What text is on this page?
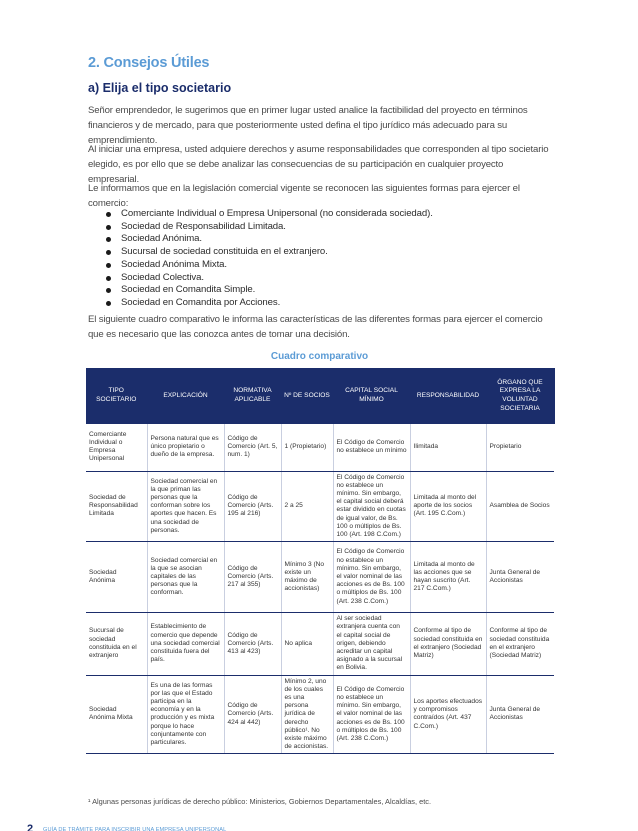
2. Consejos Útiles
a) Elija el tipo societario

Señor emprendedor, le sugerimos que en primer lugar usted analice la factibilidad del proyecto en términos financieros y de mercado, para que posteriormente usted defina el tipo jurídico más adecuado para su emprendimiento.

Al iniciar una empresa, usted adquiere derechos y asume responsabilidades que corresponden al tipo societario elegido, es por ello que se debe analizar las consecuencias de su participación en cualquier proyecto empresarial.

Le informamos que en la legislación comercial vigente se reconocen las siguientes formas para ejercer el comercio:

Comerciante Individual o Empresa Unipersonal (no considerada sociedad).
Sociedad de Responsabilidad Limitada.
Sociedad Anónima.
Sucursal de sociedad constituida en el extranjero.
Sociedad Anónima Mixta.
Sociedad Colectiva.
Sociedad en Comandita Simple.
Sociedad en Comandita por Acciones.

El siguiente cuadro comparativo le informa las características de las diferentes formas para ejercer el comercio que es necesario que las conozca antes de tomar una decisión.

Cuadro comparativo
TIPO SOCIETARIO	EXPLICACIÓN	NORMATIVA APLICABLE	Nº DE SOCIOS	CAPITAL SOCIAL MÍNIMO	RESPONSABILIDAD	ÓRGANO QUE EXPRESA LA VOLUNTAD SOCIETARIA
Comerciante Individual o Empresa Unipersonal	Persona natural que es único propietario o dueño de la empresa.	Código de Comercio (Art. 5, num. 1)	1 (Propietario)	El Código de Comercio no establece un mínimo	Ilimitada	Propietario
Sociedad de Responsabilidad Limitada	Sociedad comercial en la que priman las personas que la conforman sobre los aportes que hacen. Es una sociedad de personas.	Código de Comercio (Arts. 195 al 216)	2 a 25	El Código de Comercio no establece un mínimo. Sin embargo, el capital social deberá estar dividido en cuotas de igual valor, de Bs. 100 o múltiplos de Bs. 100 (Art. 198 C.Com.)	Limitada al monto del aporte de los socios (Art. 195 C.Com.)	Asamblea de Socios
Sociedad Anónima	Sociedad comercial en la que se asocian capitales de las personas que la conforman.	Código de Comercio (Arts. 217 al 355)	Mínimo 3 (No existe un máximo de accionistas)	El Código de Comercio no establece un mínimo. Sin embargo, el valor nominal de las acciones es de Bs. 100 o múltiplos de Bs. 100 (Art. 238 C.Com.)	Limitada al monto de las acciones que se hayan suscrito (Art. 217 C.Com.)	Junta General de Accionistas
Sucursal de sociedad constituida en el extranjero	Establecimiento de comercio que depende una sociedad comercial constituida fuera del país.	Código de Comercio (Arts. 413 al 423)	No aplica	Al ser sociedad extranjera cuenta con el capital social de origen, debiendo acreditar un capital asignado a la sucursal en Bolivia.	Conforme al tipo de sociedad constituida en el extranjero (Sociedad Matriz)	Conforme al tipo de sociedad constituida en el extranjero (Sociedad Matriz)
Sociedad Anónima Mixta	Es una de las formas por las que el Estado participa en la economía y en la producción y es mixta porque lo hace conjuntamente con particulares.	Código de Comercio (Arts. 424 al 442)	Mínimo 2, uno de los cuales es una persona jurídica de derecho público¹. No existe máximo de accionistas.	El Código de Comercio no establece un mínimo. Sin embargo, el valor nominal de las acciones es de Bs. 100 o múltiplos de Bs. 100 (Art. 238 C.Com.)	Los aportes efectuados y compromisos contraídos (Art. 437 C.Com.)	Junta General de Accionistas
¹ Algunas personas jurídicas de derecho público: Ministerios, Gobiernos Departamentales, Alcaldías, etc.
2 GUÍA DE TRÁMITE PARA INSCRIBIR UNA EMPRESA UNIPERSONAL
